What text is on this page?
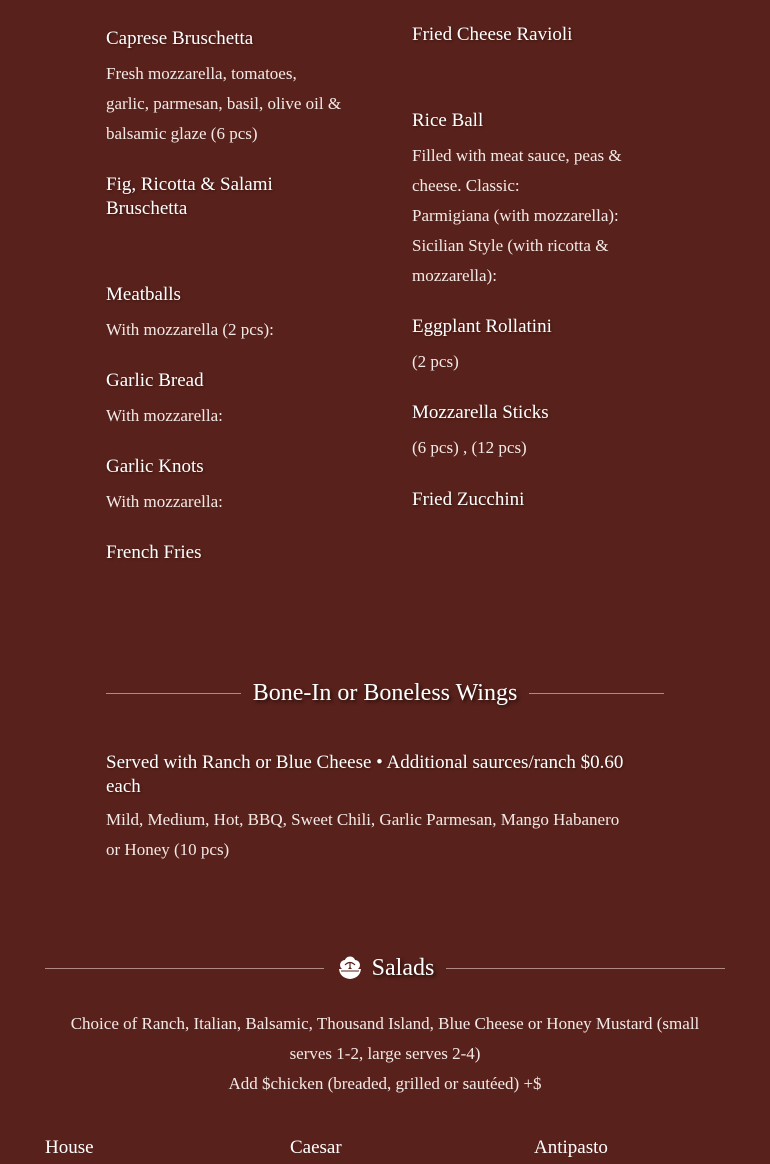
Caprese Bruschetta
Fresh mozzarella, tomatoes,
garlic, parmesan, basil, olive oil &
balsamic glaze (6 pcs)
Fig, Ricotta & Salami
Bruschetta
Meatballs
With mozzarella (2 pcs):
Garlic Bread
With mozzarella:
Garlic Knots
With mozzarella:
French Fries
Fried Cheese Ravioli
Rice Ball
Filled with meat sauce, peas &
cheese. Classic:
Parmigiana (with mozzarella):
Sicilian Style (with ricotta &
mozzarella):
Eggplant Rollatini
(2 pcs)
Mozzarella Sticks
(6 pcs) , (12 pcs)
Fried Zucchini
Bone-In or Boneless Wings
Served with Ranch or Blue Cheese • Additional saurces/ranch $0.60 each
Mild, Medium, Hot, BBQ, Sweet Chili, Garlic Parmesan, Mango Habanero
or Honey (10 pcs)
Salads
Choice of Ranch, Italian, Balsamic, Thousand Island, Blue Cheese or Honey Mustard (small
serves 1-2, large serves 2-4)
Add $chicken (breaded, grilled or sautéed) +$
House	Caesar	Antipasto
